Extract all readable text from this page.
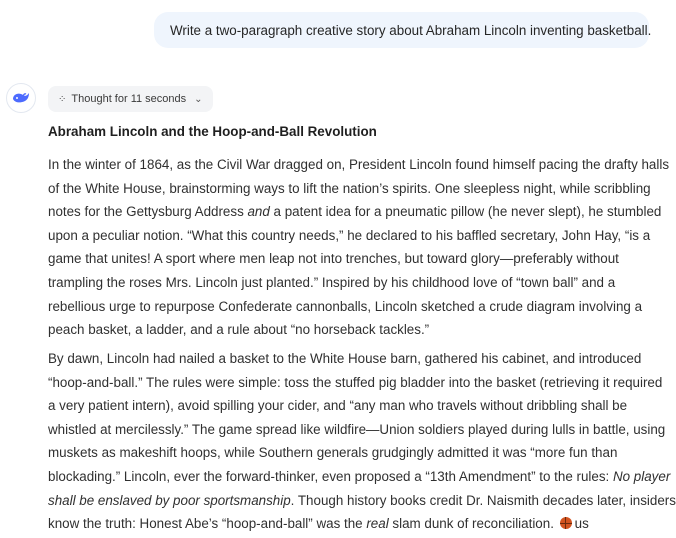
Write a two-paragraph creative story about Abraham Lincoln inventing basketball.
⁘ Thought for 11 seconds ⌄
Abraham Lincoln and the Hoop-and-Ball Revolution
In the winter of 1864, as the Civil War dragged on, President Lincoln found himself pacing the drafty halls
of the White House, brainstorming ways to lift the nation’s spirits. One sleepless night, while scribbling
notes for the Gettysburg Address and a patent idea for a pneumatic pillow (he never slept), he stumbled
upon a peculiar notion. “What this country needs,” he declared to his baffled secretary, John Hay, “is a
game that unites! A sport where men leap not into trenches, but toward glory—preferably without
trampling the roses Mrs. Lincoln just planted.” Inspired by his childhood love of “town ball” and a
rebellious urge to repurpose Confederate cannonballs, Lincoln sketched a crude diagram involving a
peach basket, a ladder, and a rule about “no horseback tackles.”
By dawn, Lincoln had nailed a basket to the White House barn, gathered his cabinet, and introduced
“hoop-and-ball.” The rules were simple: toss the stuffed pig bladder into the basket (retrieving it required
a very patient intern), avoid spilling your cider, and “any man who travels without dribbling shall be
whistled at mercilessly.” The game spread like wildfire—Union soldiers played during lulls in battle, using
muskets as makeshift hoops, while Southern generals grudgingly admitted it was “more fun than
blockading.” Lincoln, ever the forward-thinker, even proposed a “13th Amendment” to the rules: No player
shall be enslaved by poor sportsmanship. Though history books credit Dr. Naismith decades later, insiders
know the truth: Honest Abe’s “hoop-and-ball” was the real slam dunk of reconciliation. us
